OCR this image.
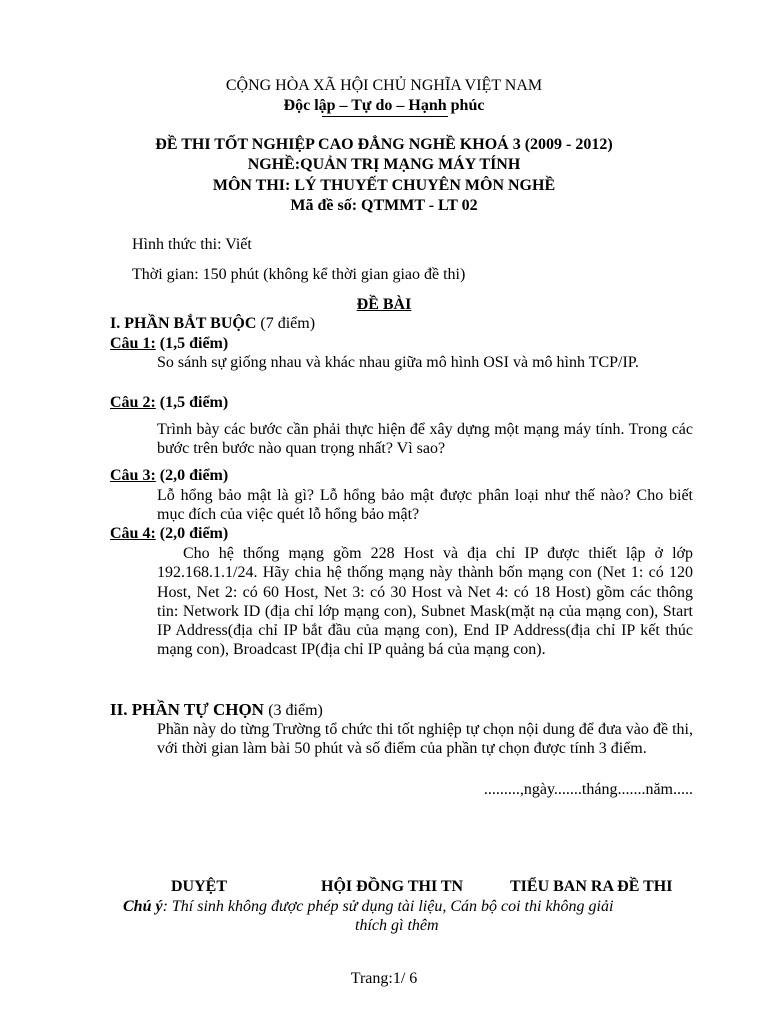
CỘNG HÒA XÃ HỘI CHỦ NGHĨA VIỆT NAM
Độc lập – Tự do – Hạnh phúc
ĐỀ THI TỐT NGHIỆP CAO ĐẲNG NGHỀ KHOÁ 3 (2009 - 2012)
NGHỀ:QUẢN TRỊ MẠNG MÁY TÍNH
MÔN THI: LÝ THUYẾT CHUYÊN MÔN NGHỀ
Mã đề số: QTMMT - LT 02
Hình thức thi: Viết
Thời gian: 150 phút (không kể thời gian giao đề thi)
ĐỀ BÀI
I. PHẦN BẮT BUỘC (7 điểm)
Câu 1: (1,5 điểm)
So sánh sự giống nhau và khác nhau giữa mô hình OSI và mô hình TCP/IP.
Câu 2: (1,5 điểm)
Trình bày các bước cần phải thực hiện để xây dựng một mạng máy tính. Trong các bước trên bước nào quan trọng nhất? Vì sao?
Câu 3: (2,0 điểm)
Lỗ hổng bảo mật là gì? Lỗ hổng bảo mật được phân loại như thế nào? Cho biết mục đích của việc quét lỗ hổng bảo mật?
Câu 4: (2,0 điểm)
Cho hệ thống mạng gồm 228 Host và địa chỉ IP được thiết lập ở lớp 192.168.1.1/24. Hãy chia hệ thống mạng này thành bốn mạng con (Net 1: có 120 Host, Net 2: có 60 Host, Net 3: có 30 Host và Net 4: có 18 Host) gồm các thông tin: Network ID (địa chỉ lớp mạng con), Subnet Mask(mặt nạ của mạng con), Start IP Address(địa chỉ IP bắt đầu của mạng con), End IP Address(địa chỉ IP kết thúc mạng con), Broadcast IP(địa chỉ IP quảng bá của mạng con).
II. PHẦN TỰ CHỌN (3 điểm)
Phần này do từng Trường tổ chức thi tốt nghiệp tự chọn nội dung để đưa vào đề thi, với thời gian làm bài 50 phút và số điểm của phần tự chọn được tính 3 điểm.
.........,ngày.......tháng.......năm.....
DUYỆT	HỘI ĐỒNG THI TN	TIỂU BAN RA ĐỀ THI
Chú ý: Thí sinh không được phép sử dụng tài liệu, Cán bộ coi thi không giải
thích gì thêm
Trang:1/ 6
